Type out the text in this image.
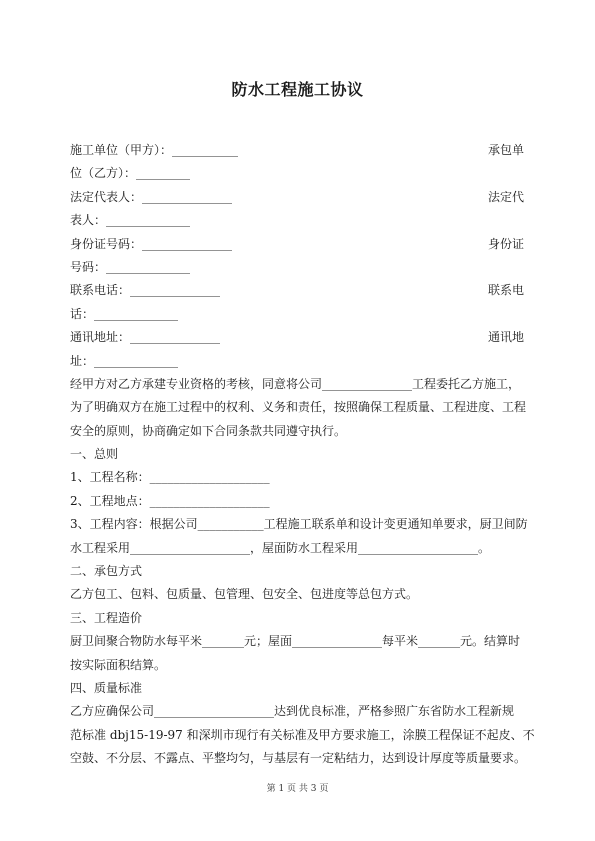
防水工程施工协议
施工单位（甲方）：___________	承包单
位（乙方）：_________
法定代表人：_______________	法定代
表人：______________
身份证号码：_______________	身份证
号码：______________
联系电话：_______________	联系电
话：______________
通讯地址：_______________	通讯地
址：______________
经甲方对乙方承建专业资格的考核，同意将公司_______________工程委托乙方施工，
为了明确双方在施工过程中的权利、义务和责任，按照确保工程质量、工程进度、工程
安全的原则，协商确定如下合同条款共同遵守执行。
一、总则
1、工程名称：____________________
2、工程地点：____________________
3、工程内容：根据公司___________工程施工联系单和设计变更通知单要求，厨卫间防
水工程采用____________________，屋面防水工程采用____________________。
二、承包方式
乙方包工、包料、包质量、包管理、包安全、包进度等总包方式。
三、工程造价
厨卫间聚合物防水每平米_______元；屋面_______________每平米_______元。结算时
按实际面积结算。
四、质量标准
乙方应确保公司____________________达到优良标准，严格参照广东省防水工程新规
范标准 dbj15-19-97 和深圳市现行有关标准及甲方要求施工，涂膜工程保证不起皮、不
空鼓、不分层、不露点、平整均匀，与基层有一定粘结力，达到设计厚度等质量要求。
第 1 页 共 3 页
